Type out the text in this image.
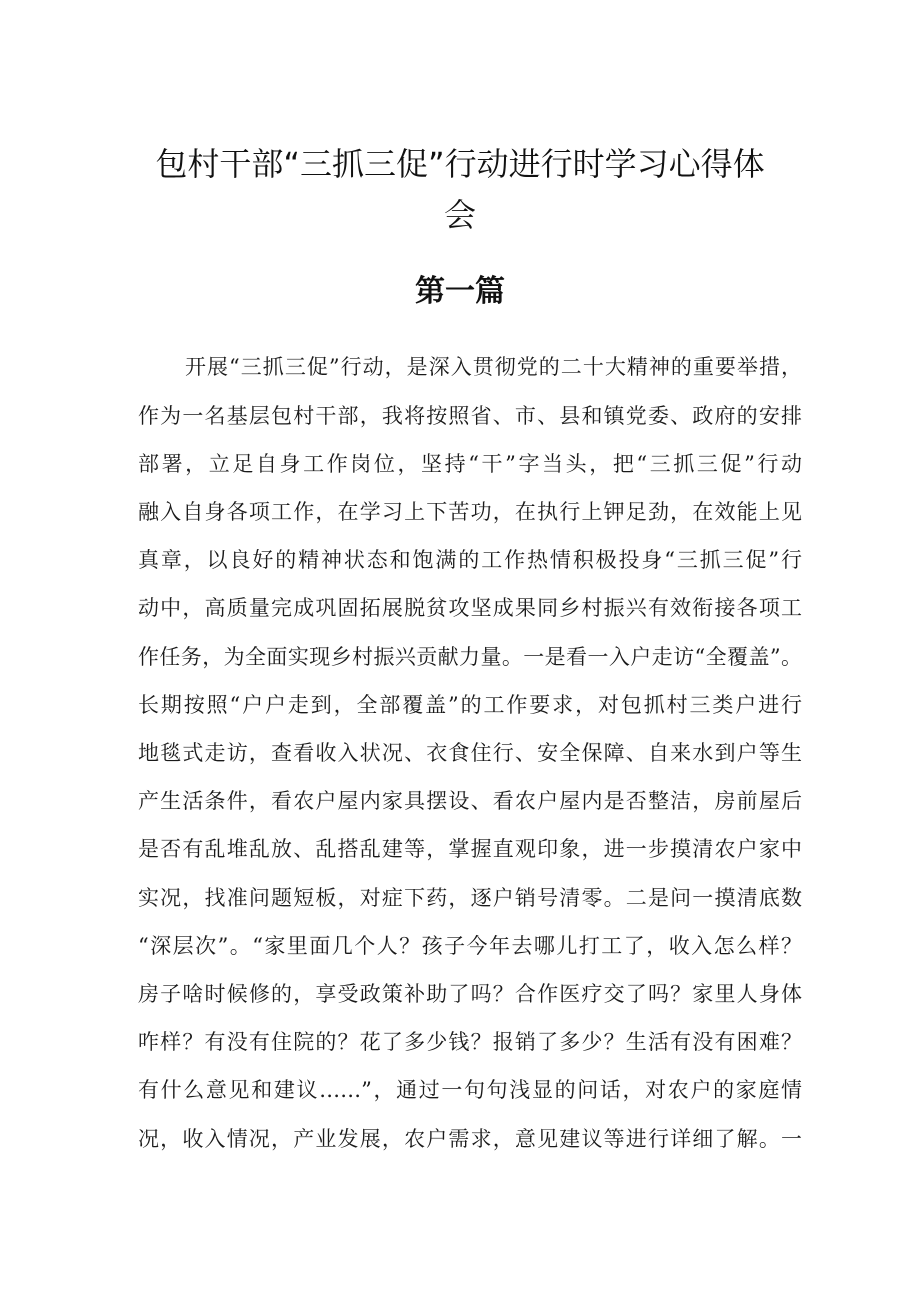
包村干部“三抓三促”行动进行时学习心得体
会
第一篇
开展“三抓三促”行动，是深入贯彻党的二十大精神的重要举措，
作为一名基层包村干部，我将按照省、市、县和镇党委、政府的安排
部署，立足自身工作岗位，坚持“干”字当头，把“三抓三促”行动
融入自身各项工作，在学习上下苦功，在执行上钾足劲，在效能上见
真章，以良好的精神状态和饱满的工作热情积极投身“三抓三促”行
动中，高质量完成巩固拓展脱贫攻坚成果同乡村振兴有效衔接各项工
作任务，为全面实现乡村振兴贡献力量。一是看一入户走访“全覆盖”。
长期按照“户户走到，全部覆盖”的工作要求，对包抓村三类户进行
地毯式走访，查看收入状况、衣食住行、安全保障、自来水到户等生
产生活条件，看农户屋内家具摆设、看农户屋内是否整洁，房前屋后
是否有乱堆乱放、乱搭乱建等，掌握直观印象，进一步摸清农户家中
实况，找准问题短板，对症下药，逐户销号清零。二是问一摸清底数
“深层次”。“家里面几个人？孩子今年去哪儿打工了，收入怎么样？
房子啥时候修的，享受政策补助了吗？合作医疗交了吗？家里人身体
咋样？有没有住院的？花了多少钱？报销了多少？生活有没有困难？
有什么意见和建议……”，通过一句句浅显的问话，对农户的家庭情
况，收入情况，产业发展，农户需求，意见建议等进行详细了解。一
